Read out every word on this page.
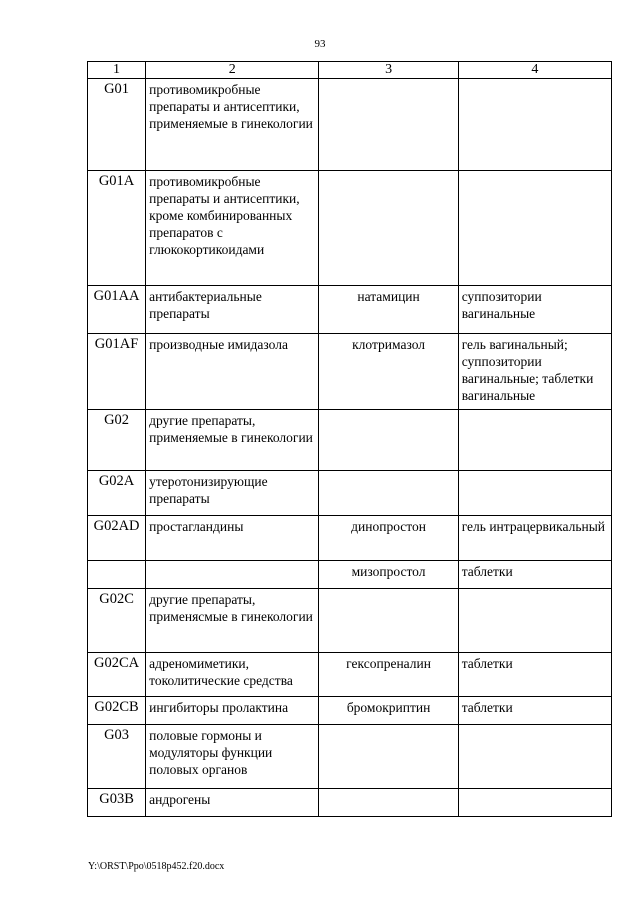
93
1	2	3	4
G01	противомикробные препараты и антисептики, применяемые в гинекологии		
G01A	противомикробные препараты и антисептики, кроме комбинированных препаратов с глюкокортикоидами		
G01AA	антибактериальные препараты	натамицин	суппозитории вагинальные
G01AF	производные имидазола	клотримазол	гель вагинальный; суппозитории вагинальные; таблетки вагинальные
G02	другие препараты, применяемые в гинекологии		
G02A	утеротонизирующие препараты		
G02AD	простагландины	динопростон	гель интрацервикальный
		мизопростол	таблетки
G02C	другие препараты, применясмые в гинекологии		
G02CA	адреномиметики, токолитические средства	гексопреналин	таблетки
G02CB	ингибиторы пролактина	бромокриптин	таблетки
G03	половые гормоны и модуляторы функции половых органов		
G03B	андрогены		
Y:\ORST\Ppo\0518p452.f20.docx
